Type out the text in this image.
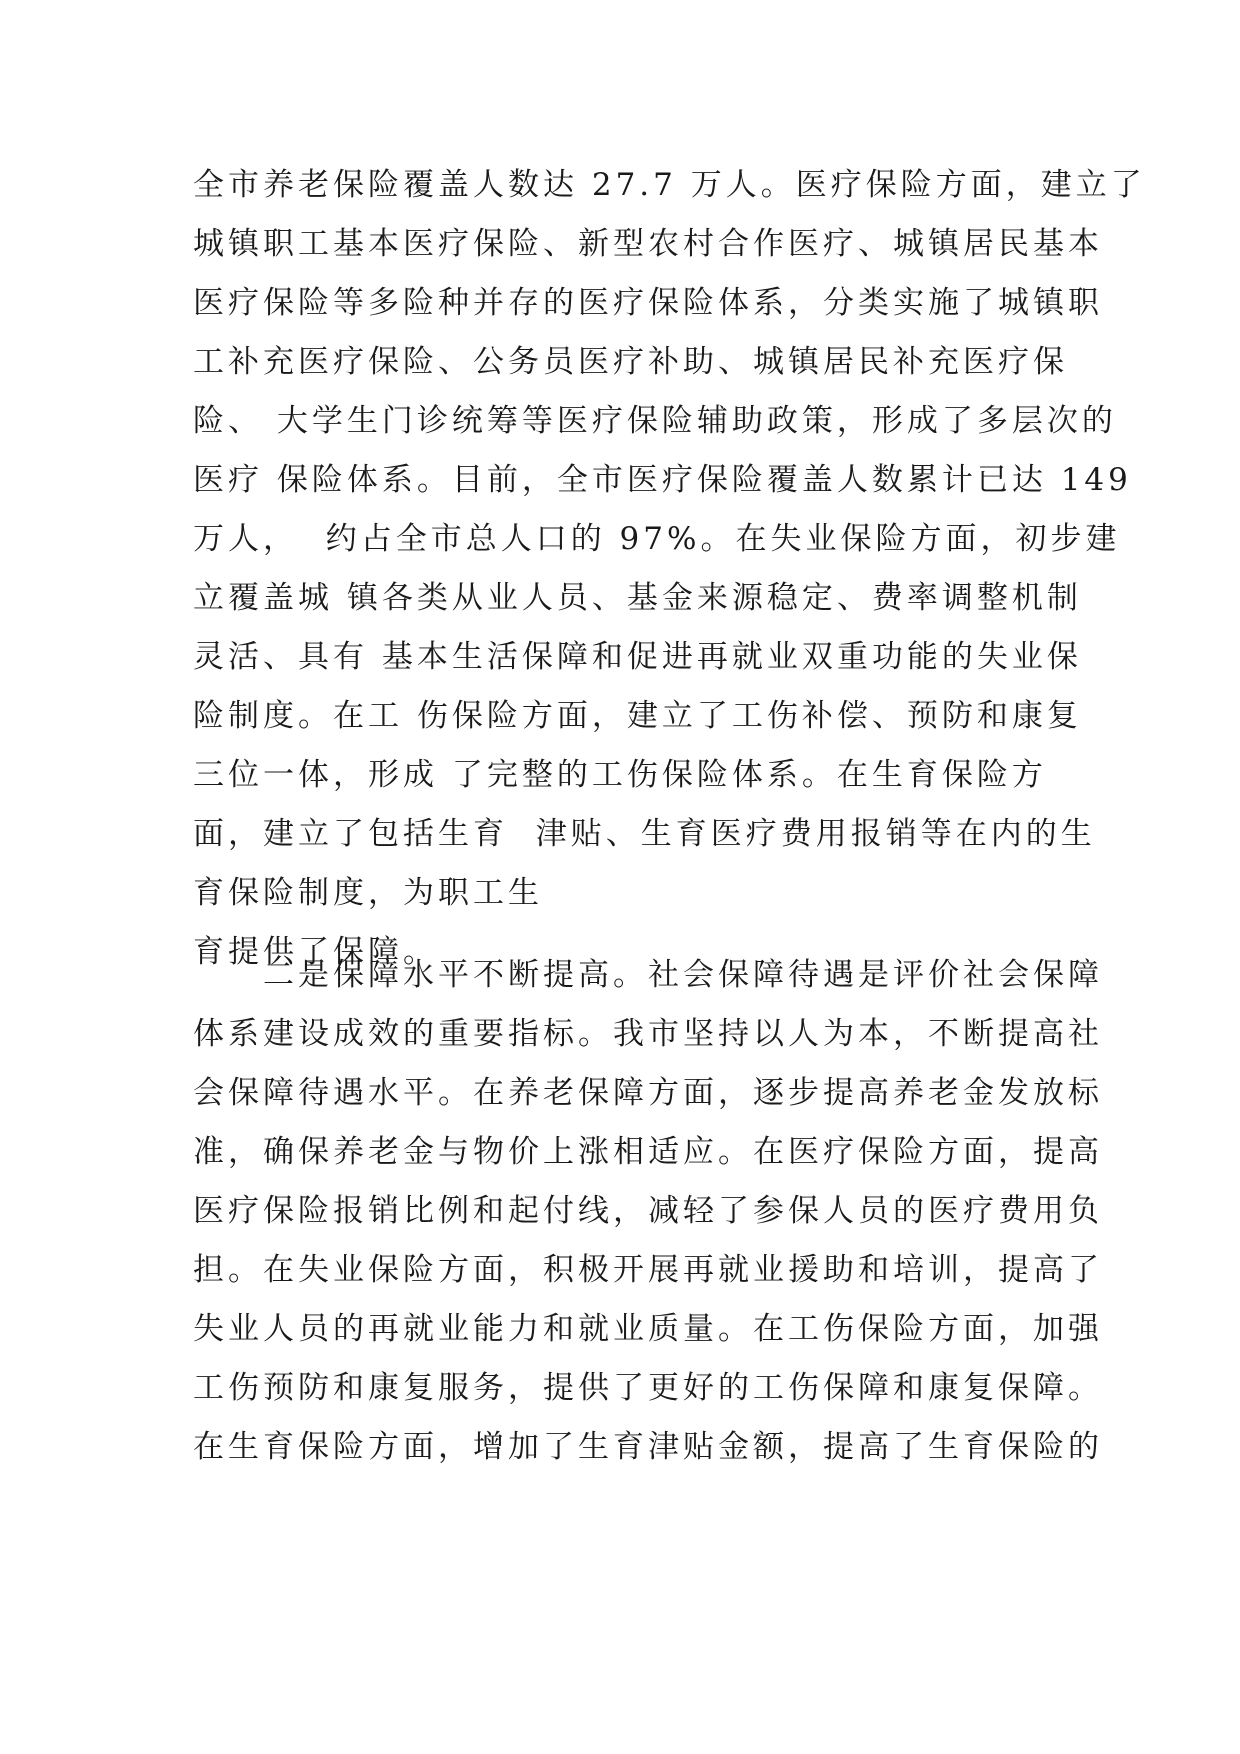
全市养老保险覆盖人数达 27.7 万人。医疗保险方面，建立了
城镇职工基本医疗保险、新型农村合作医疗、城镇居民基本
医疗保险等多险种并存的医疗保险体系，分类实施了城镇职
工补充医疗保险、公务员医疗补助、城镇居民补充医疗保
险、 大学生门诊统筹等医疗保险辅助政策，形成了多层次的
医疗 保险体系。目前，全市医疗保险覆盖人数累计已达 149
万人，  约占全市总人口的 97%。在失业保险方面，初步建
立覆盖城 镇各类从业人员、基金来源稳定、费率调整机制
灵活、具有 基本生活保障和促进再就业双重功能的失业保
险制度。在工 伤保险方面，建立了工伤补偿、预防和康复
三位一体，形成 了完整的工伤保险体系。在生育保险方
面，建立了包括生育  津贴、生育医疗费用报销等在内的生
育保险制度，为职工生
育提供了保障。
二是保障水平不断提高。社会保障待遇是评价社会保障
体系建设成效的重要指标。我市坚持以人为本，不断提高社
会保障待遇水平。在养老保障方面，逐步提高养老金发放标
准，确保养老金与物价上涨相适应。在医疗保险方面，提高
医疗保险报销比例和起付线，减轻了参保人员的医疗费用负
担。在失业保险方面，积极开展再就业援助和培训，提高了
失业人员的再就业能力和就业质量。在工伤保险方面，加强
工伤预防和康复服务，提供了更好的工伤保障和康复保障。
在生育保险方面，增加了生育津贴金额，提高了生育保险的
